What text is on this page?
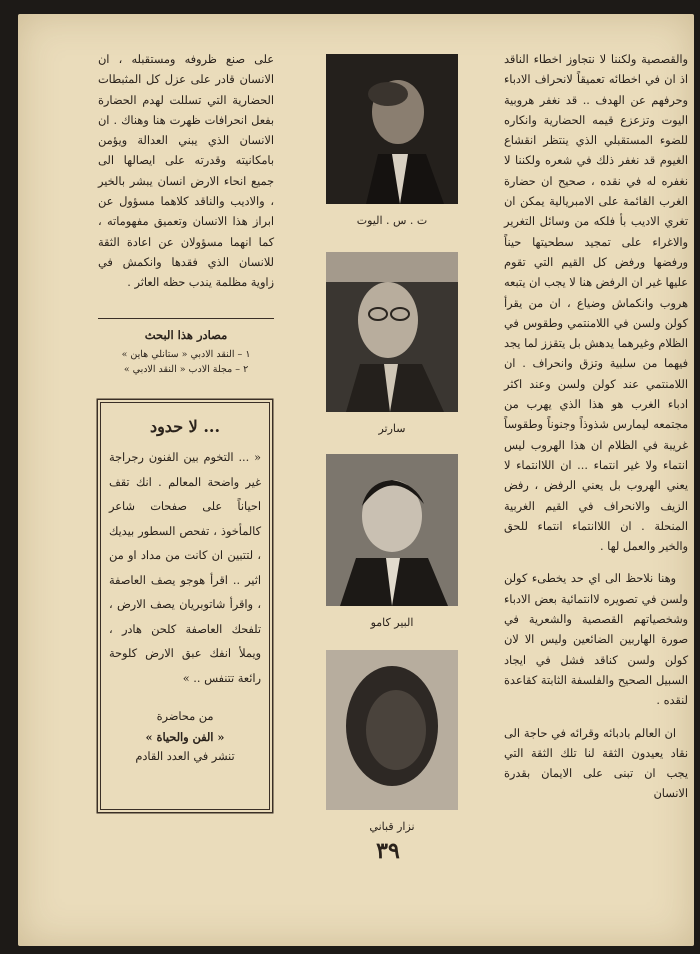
والقصصية ولكننا لا نتجاوز اخطاء الناقد اذ ان في اخطائه تعميقاً لانحراف الادباء وحرفهم عن الهدف .. قد نغفر هروبية اليوت وتزعزع قيمه الحضارية وانكاره للضوء المستقبلي الذي ينتظر انقشاع الغيوم قد نغفر ذلك في شعره ولكننا لا نغفره له في نقده ، صحيح ان حضارة الغرب القائمة على الامبريالية يمكن ان تغري الاديب بأ فلكه من وسائل التغرير والاغراء على تمجيد سطحيتها حيناً ورفضها ورفض كل القيم التي تقوم عليها غير ان الرفض هنا لا يجب ان يتبعه هروب وانكماش وضياع ، ان من يقرأ كولن ولسن في اللامنتمي وطقوس في الظلام وغيرهما يدهش بل يتقزز لما يجد فيهما من سلبية وتزق وانحراف . ان اللامنتمي عند كولن ولسن وعند اكثر ادباء الغرب هو هذا الذي يهرب من مجتمعه ليمارس شذوذاً وجنوناً وطقوساً غريبة في الظلام ان هذا الهروب ليس انتماء ولا غير انتماء ... ان اللاانتماء لا يعني الهروب بل يعني الرفض ، رفض الزيف والانحراف في القيم الغربية المنحلة . ان اللاانتماء انتماء للحق والخير والعمل لها .

وهنا نلاحظ الى اي حد يخطىء كولن ولسن في تصويره لاانتمائية بعض الادباء وشخصياتهم القصصية والشعرية في صورة الهاربين الضائعين وليس الا لان كولن ولسن كناقد فشل في ايجاد السبيل الصحيح والفلسفة الثابتة كقاعدة لنقده .

ان العالم بادبائه وقرائه في حاجة الى نقاد يعيدون الثقة لنا تلك الثقة التي يجب ان تبنى على الايمان بقدرة الانسان

ت . س . اليوت
سارتر
البير كامو
نزار قباني

على صنع ظروفه ومستقبله ، ان الانسان قادر على عزل كل المثبطات الحضارية التي تسللت لهدم الحضارة بفعل انحرافات ظهرت هنا وهناك . ان الانسان الذي يبني العدالة ويؤمن بامكانيته وقدرته على ايصالها الى جميع انحاء الارض انسان يبشر بالخير ، والاديب والناقد كلاهما مسؤول عن ابراز هذا الانسان وتعميق مفهوماته ، كما انهما مسؤولان عن اعادة الثقة للانسان الذي فقدها وانكمش في زاوية مظلمة يندب حظه العاثر .

مصادر هذا البحث
١ – النقد الادبي « ستانلي هاين »
٢ – مجلة الادب « النقد الادبي »
... لا حدود
« ... التخوم بين الفنون رجراجة غير واضحة المعالم . انك تقف احياناً على صفحات شاعر كالمأخوذ ، تفحص السطور بيديك ، لتتبين ان كانت من مداد او من اثير .. اقرأ هوجو يصف العاصفة ، واقرأ شاتوبريان يصف الارض ، تلفحك العاصفة كلحن هادر ، ويملأ انفك عبق الارض كلوحة رائعة تتنفس .. »
من محاضرة
« الفن والحياة »
تنشر في العدد القادم
٣٩
